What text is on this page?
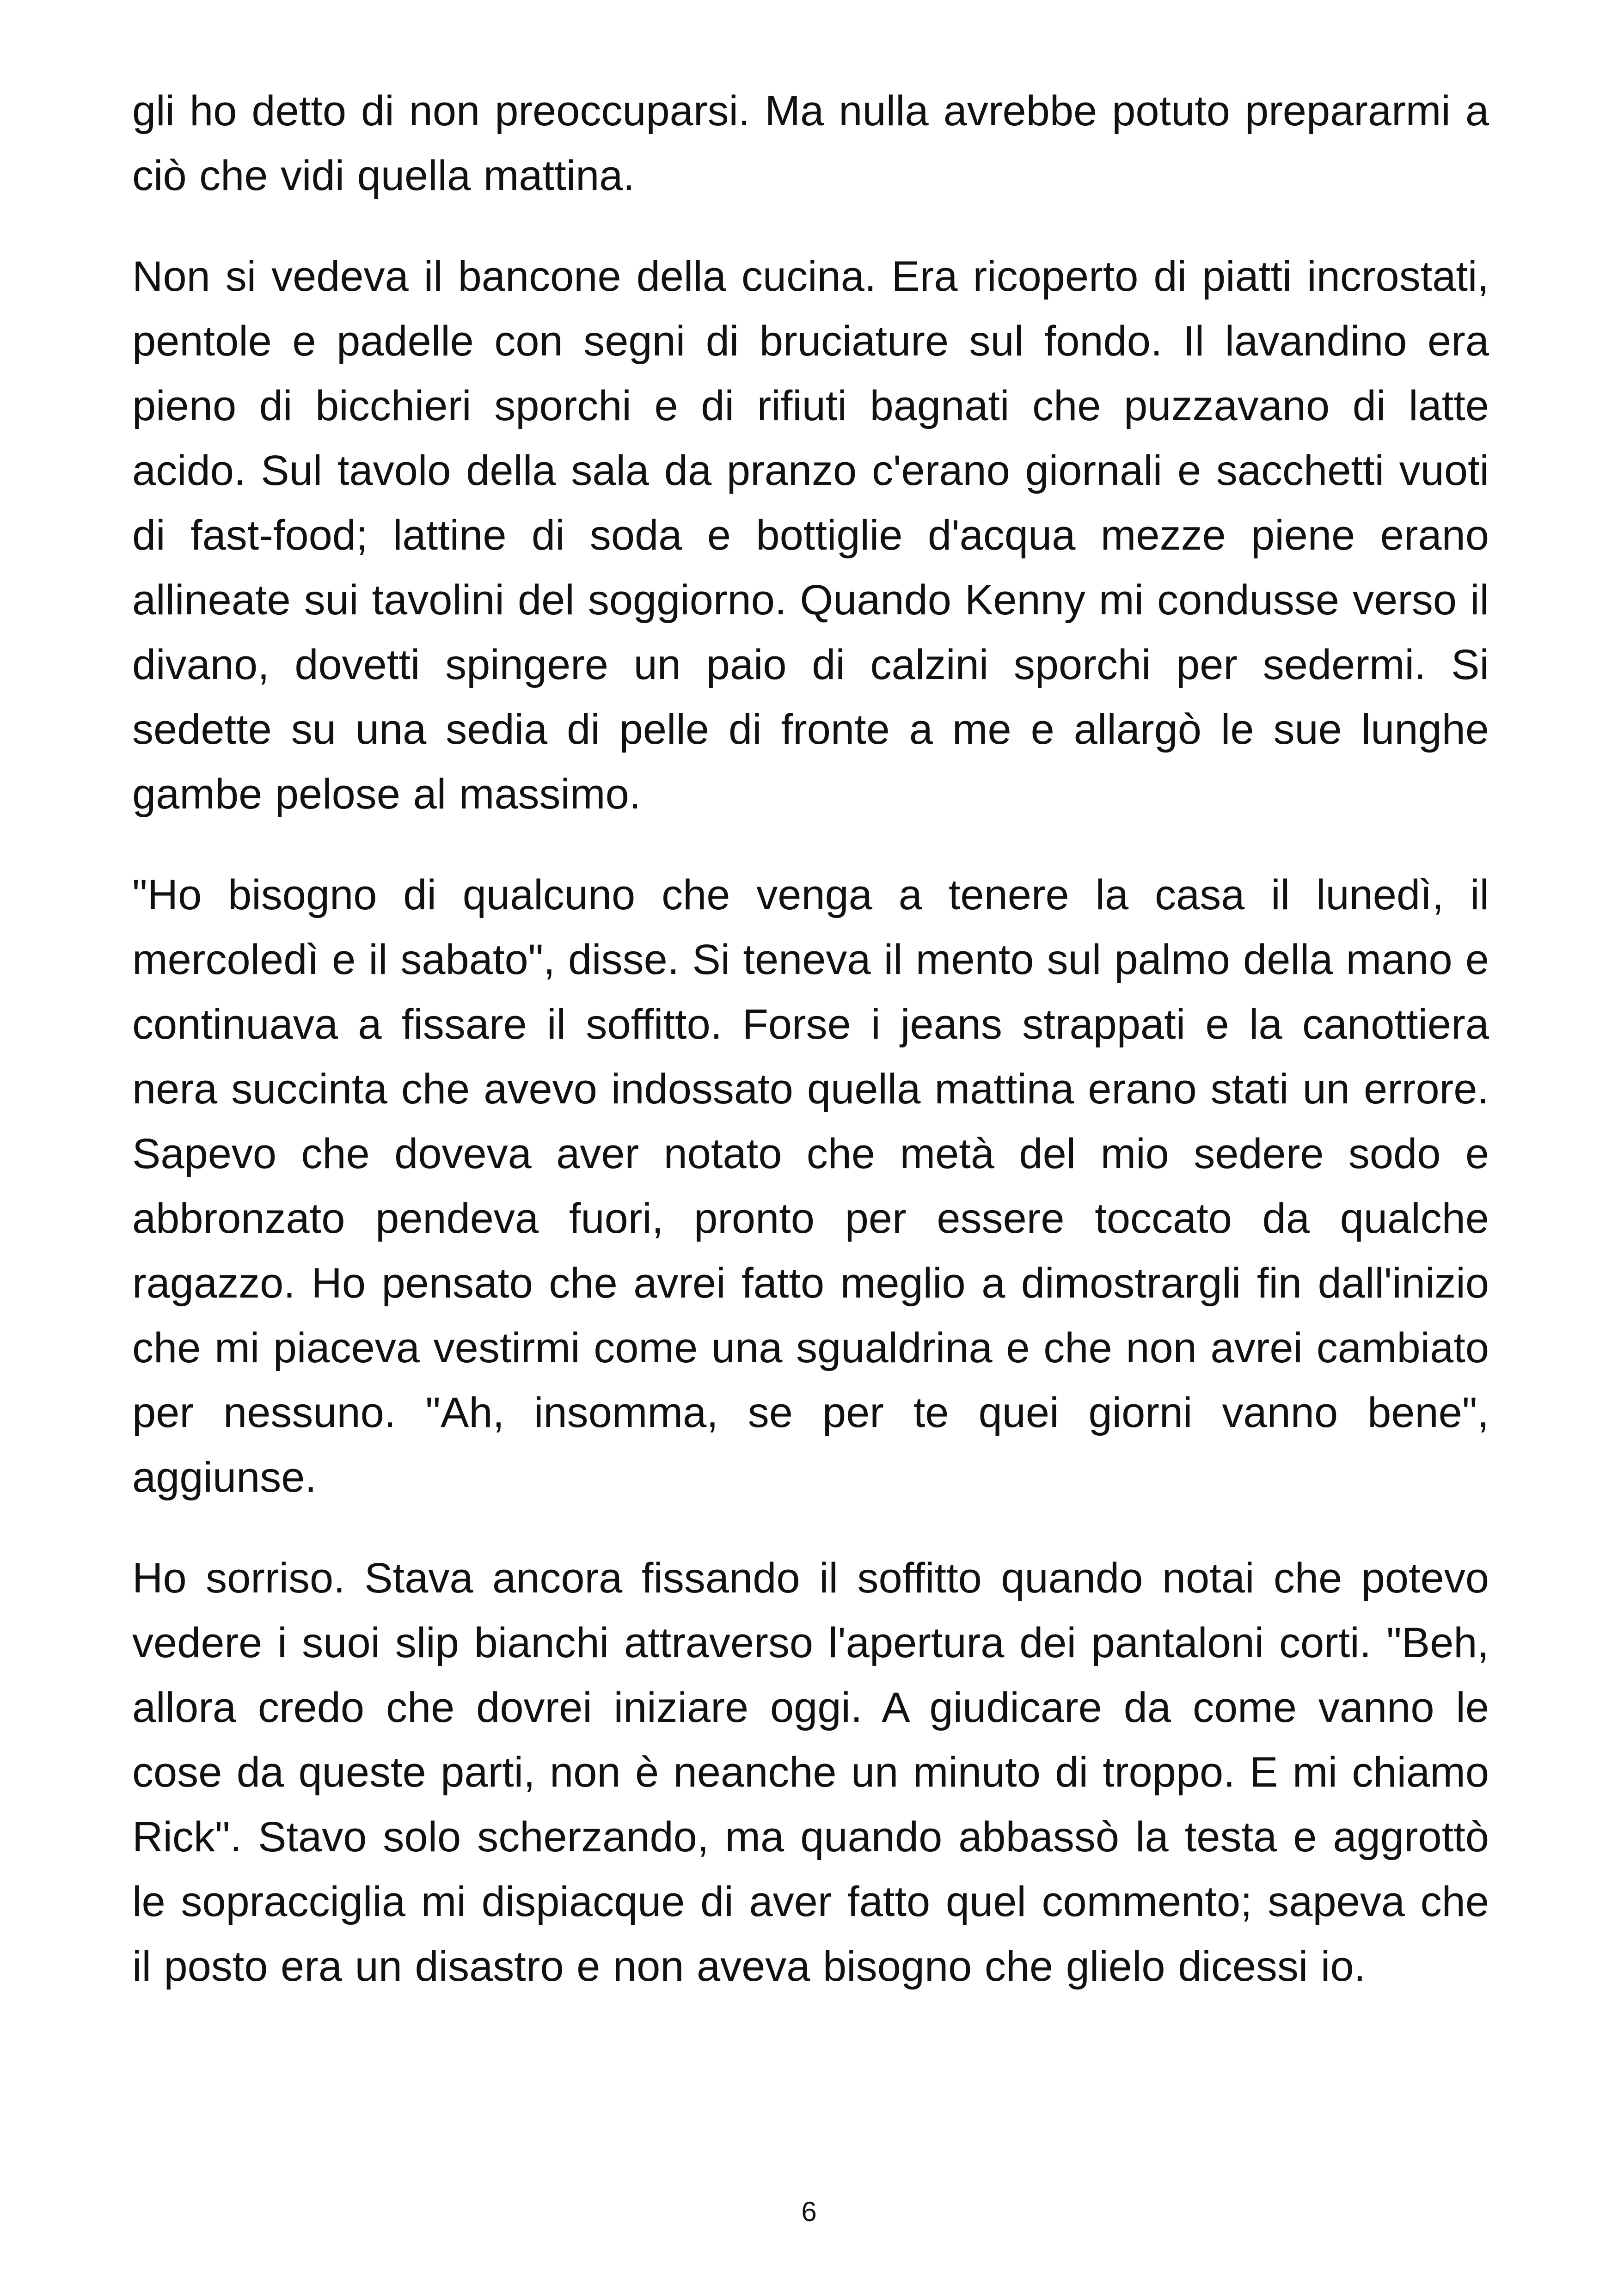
gli ho detto di non preoccuparsi. Ma nulla avrebbe potuto prepararmi a ciò che vidi quella mattina.

Non si vedeva il bancone della cucina. Era ricoperto di piatti incrostati, pentole e padelle con segni di bruciature sul fondo. Il lavandino era pieno di bicchieri sporchi e di rifiuti bagnati che puzzavano di latte acido. Sul tavolo della sala da pranzo c'erano giornali e sacchetti vuoti di fast-food; lattine di soda e bottiglie d'acqua mezze piene erano allineate sui tavolini del soggiorno. Quando Kenny mi condusse verso il divano, dovetti spingere un paio di calzini sporchi per sedermi. Si sedette su una sedia di pelle di fronte a me e allargò le sue lunghe gambe pelose al massimo.

"Ho bisogno di qualcuno che venga a tenere la casa il lunedì, il mercoledì e il sabato", disse. Si teneva il mento sul palmo della mano e continuava a fissare il soffitto. Forse i jeans strappati e la canottiera nera succinta che avevo indossato quella mattina erano stati un errore. Sapevo che doveva aver notato che metà del mio sedere sodo e abbronzato pendeva fuori, pronto per essere toccato da qualche ragazzo. Ho pensato che avrei fatto meglio a dimostrargli fin dall'inizio che mi piaceva vestirmi come una sgualdrina e che non avrei cambiato per nessuno. "Ah, insomma, se per te quei giorni vanno bene", aggiunse.

Ho sorriso. Stava ancora fissando il soffitto quando notai che potevo vedere i suoi slip bianchi attraverso l'apertura dei pantaloni corti. "Beh, allora credo che dovrei iniziare oggi. A giudicare da come vanno le cose da queste parti, non è neanche un minuto di troppo. E mi chiamo Rick". Stavo solo scherzando, ma quando abbassò la testa e aggrottò le sopracciglia mi dispiacque di aver fatto quel commento; sapeva che il posto era un disastro e non aveva bisogno che glielo dicessi io.

6
